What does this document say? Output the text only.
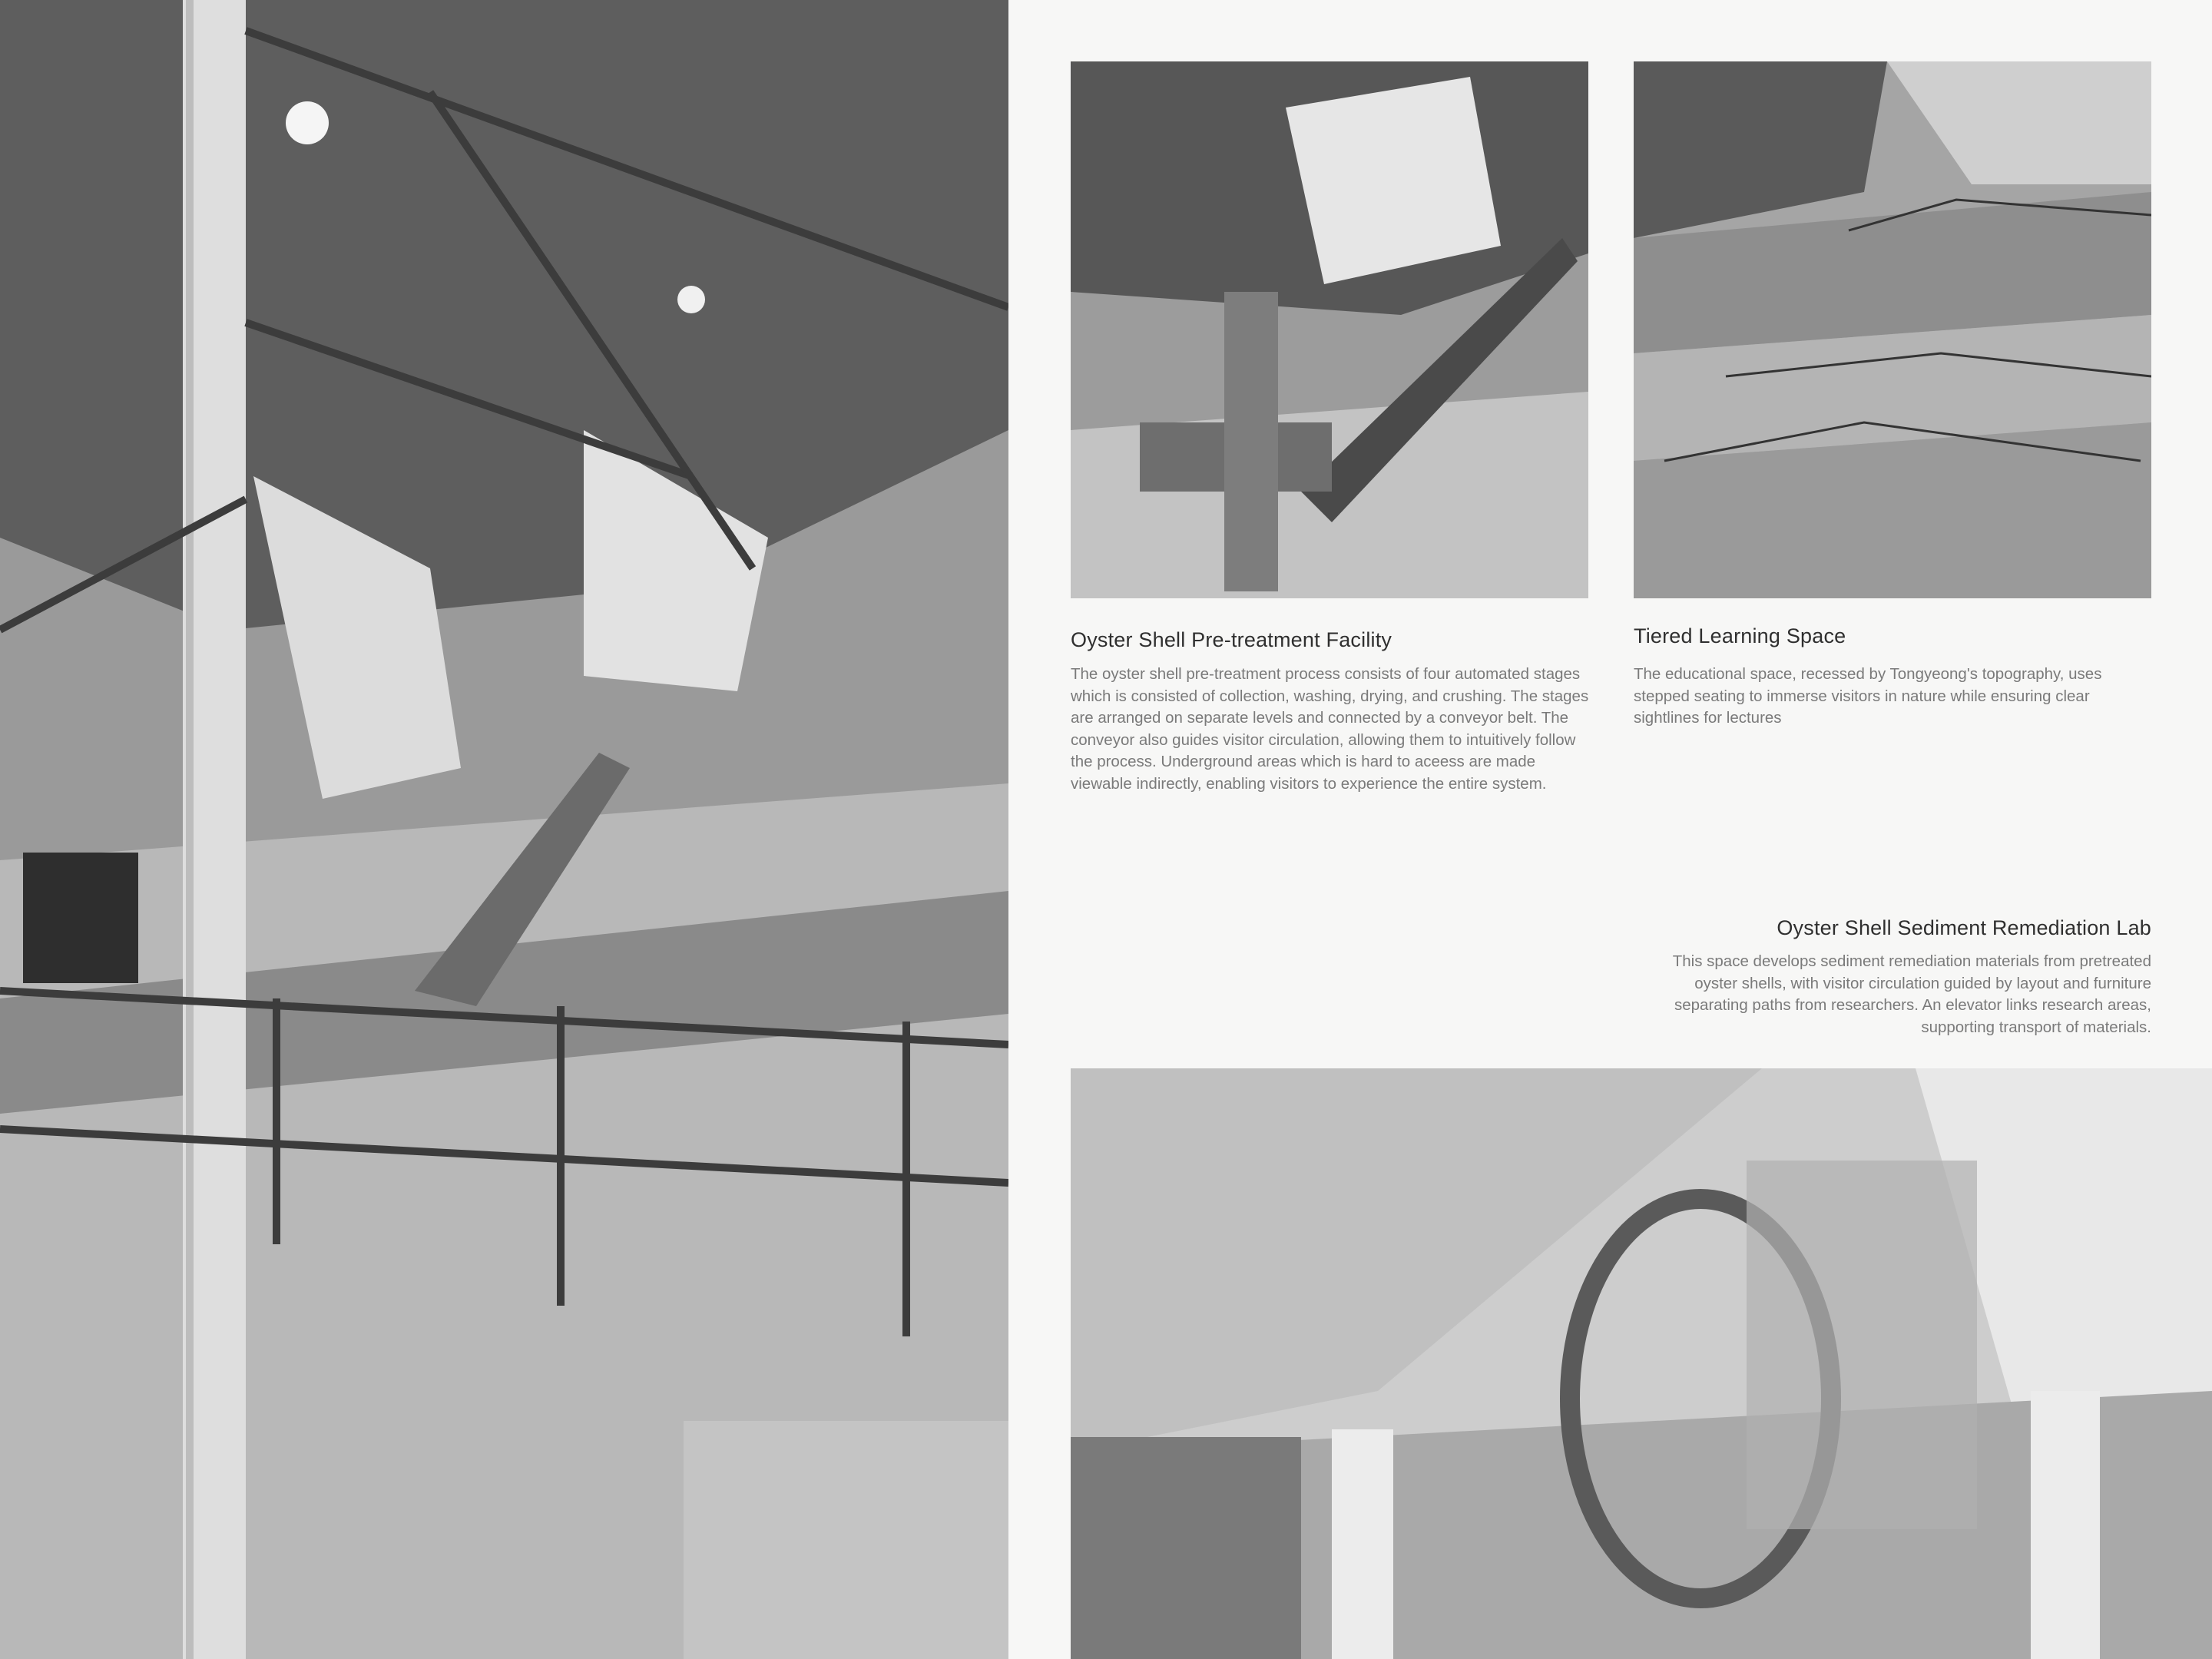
Oyster Shell Pre-treatment Facility
The oyster shell pre-treatment process consists of four automated stages which is consisted of collection, washing, drying, and crushing. The stages are arranged on separate levels and connected by a conveyor belt. The conveyor also guides visitor circulation, allowing them to intuitively follow the process. Underground areas which is hard to aceess are made viewable indirectly, enabling visitors to experience the entire system.
Tiered Learning Space
The educational space, recessed by Tongyeong's topography, uses stepped seating to immerse visitors in nature while ensuring clear sightlines for lectures
Oyster Shell Sediment Remediation Lab
This space develops sediment remediation materials from pretreated oyster shells, with visitor circulation guided by layout and furniture separating paths from researchers. An elevator links research areas, supporting transport of materials.
